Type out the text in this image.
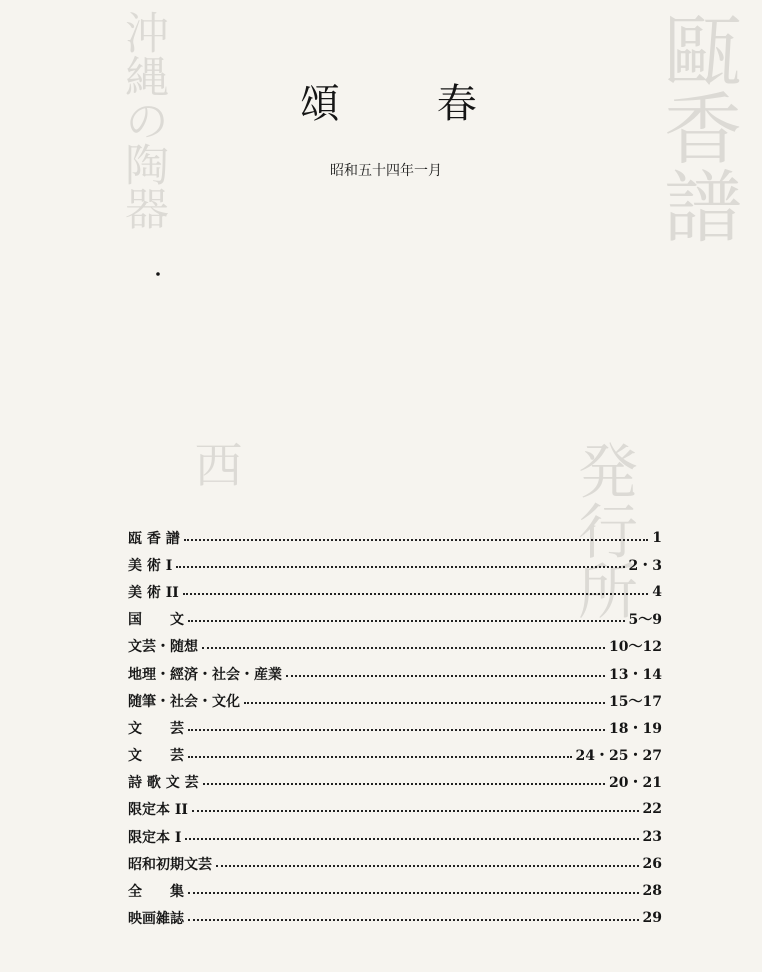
甌香譜
発行所
沖縄の陶器
西
頌 春
昭和五十四年一月
・
瓯 香 譜	1
美 術 I	2・3
美 術 II	4
国　　文	5～9
文芸・随想	10～12
地理・經済・社会・産業	13・14
随筆・社会・文化	15～17
文　　芸	18・19
文　　芸	24・25・27
詩 歌 文 芸	20・21
限定本 II	22
限定本 I	23
昭和初期文芸	26
全　　集	28
映画雑誌	29
